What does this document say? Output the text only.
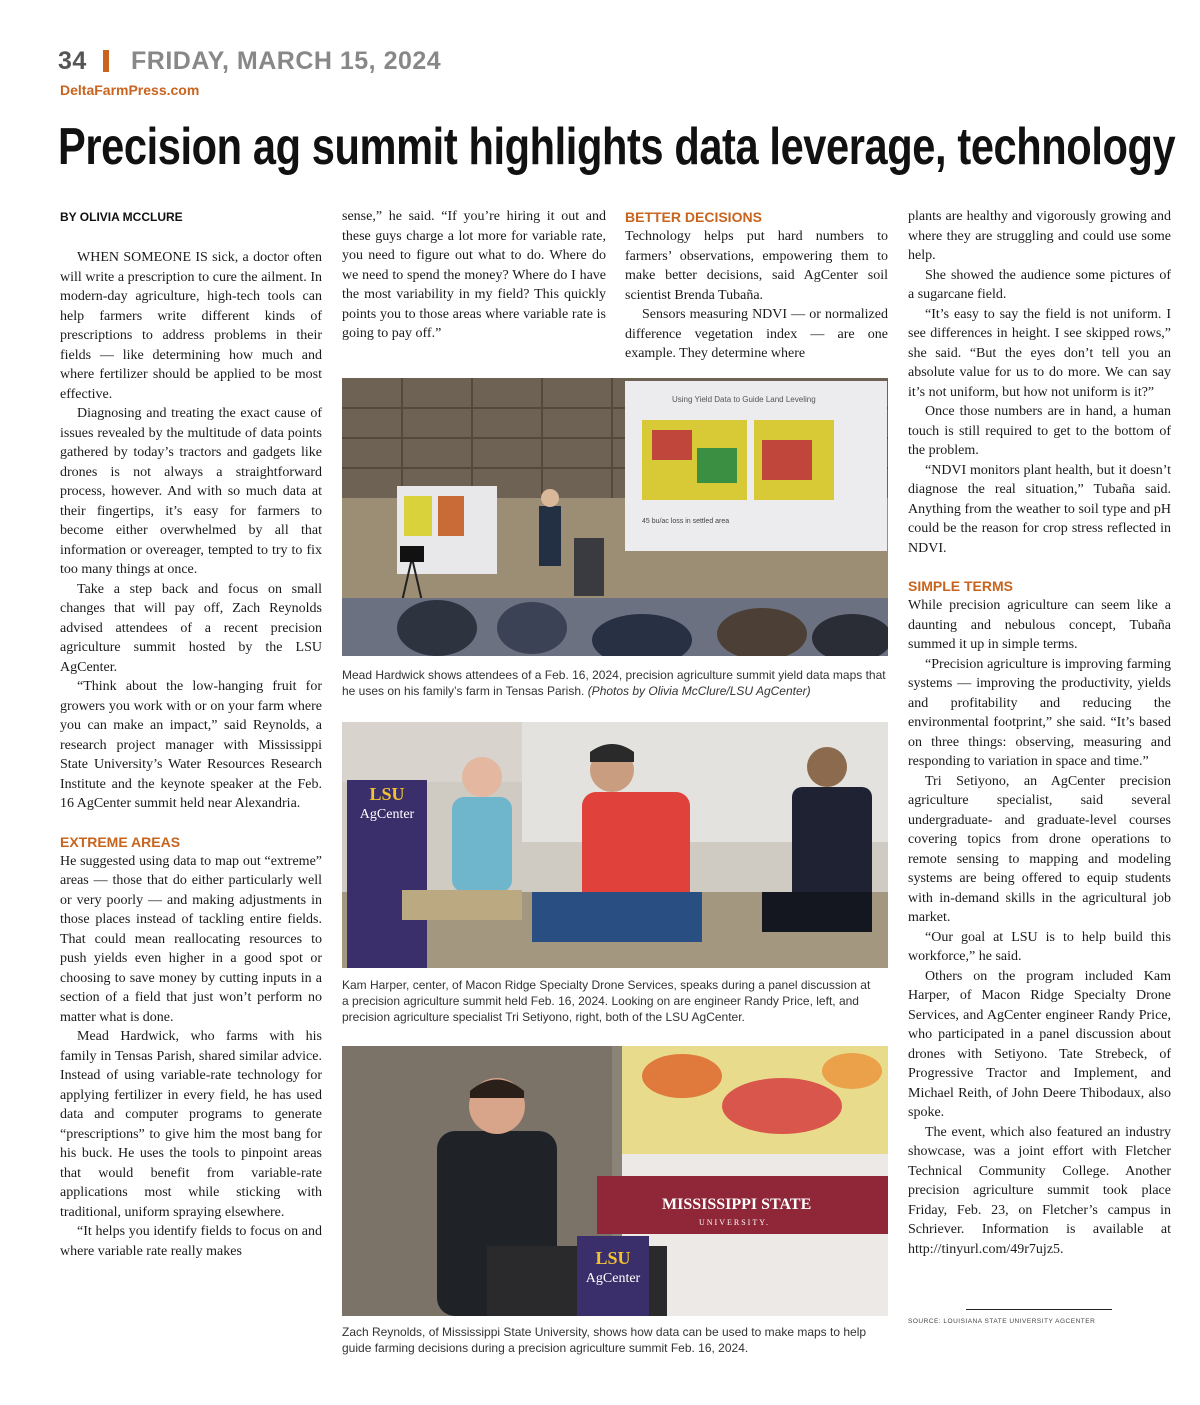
34 FRIDAY, MARCH 15, 2024
DeltaFarmPress.com
Precision ag summit highlights data leverage, technology
BY OLIVIA MCCLURE

WHEN SOMEONE IS sick, a doctor often will write a prescription to cure the ailment. In modern-day agriculture, high-tech tools can help farmers write different kinds of prescriptions to address problems in their fields — like determining how much and where fertilizer should be applied to be most effective.

Diagnosing and treating the exact cause of issues revealed by the multitude of data points gathered by today’s tractors and gadgets like drones is not always a straightforward process, however. And with so much data at their fingertips, it’s easy for farmers to become either overwhelmed by all that information or overeager, tempted to try to fix too many things at once.

Take a step back and focus on small changes that will pay off, Zach Reynolds advised attendees of a recent precision agriculture summit hosted by the LSU AgCenter.

“Think about the low-hanging fruit for growers you work with or on your farm where you can make an impact,” said Reynolds, a research project manager with Mississippi State University’s Water Resources Research Institute and the keynote speaker at the Feb. 16 AgCenter summit held near Alexandria.

EXTREME AREAS

He suggested using data to map out “extreme” areas — those that do either particularly well or very poorly — and making adjustments in those places instead of tackling entire fields. That could mean reallocating resources to push yields even higher in a good spot or choosing to save money by cutting inputs in a section of a field that just won’t perform no matter what is done.

Mead Hardwick, who farms with his family in Tensas Parish, shared similar advice. Instead of using variable-rate technology for applying fertilizer in every field, he has used data and computer programs to generate “prescriptions” to give him the most bang for his buck. He uses the tools to pinpoint areas that would benefit from variable-rate applications most while sticking with traditional, uniform spraying elsewhere.

“It helps you identify fields to focus on and where variable rate really makes

sense,” he said. “If you’re hiring it out and these guys charge a lot more for variable rate, you need to figure out what to do. Where do we need to spend the money? Where do I have the most variability in my field? This quickly points you to those areas where variable rate is going to pay off.”

BETTER DECISIONS

Technology helps put hard numbers to farmers’ observations, empowering them to make better decisions, said AgCenter soil scientist Brenda Tubaña.

Sensors measuring NDVI — or normalized difference vegetation index — are one example. They determine where

plants are healthy and vigorously growing and where they are struggling and could use some help.

She showed the audience some pictures of a sugarcane field.

“It’s easy to say the field is not uniform. I see differences in height. I see skipped rows,” she said. “But the eyes don’t tell you an absolute value for us to do more. We can say it’s not uniform, but how not uniform is it?”

Once those numbers are in hand, a human touch is still required to get to the bottom of the problem.

“NDVI monitors plant health, but it doesn’t diagnose the real situation,” Tubaña said. Anything from the weather to soil type and pH could be the reason for crop stress reflected in NDVI.

SIMPLE TERMS

While precision agriculture can seem like a daunting and nebulous concept, Tubaña summed it up in simple terms.

“Precision agriculture is improving farming systems — improving the productivity, yields and profitability and reducing the environmental footprint,” she said. “It’s based on three things: observing, measuring and responding to variation in space and time.”

Tri Setiyono, an AgCenter precision agriculture specialist, said several undergraduate- and graduate-level courses covering topics from drone operations to remote sensing to mapping and modeling systems are being offered to equip students with in-demand skills in the agricultural job market.

“Our goal at LSU is to help build this workforce,” he said.

Others on the program included Kam Harper, of Macon Ridge Specialty Drone Services, and AgCenter engineer Randy Price, who participated in a panel discussion about drones with Setiyono. Tate Strebeck, of Progressive Tractor and Implement, and Michael Reith, of John Deere Thibodaux, also spoke.

The event, which also featured an industry showcase, was a joint effort with Fletcher Technical Community College. Another precision agriculture summit took place Friday, Feb. 23, on Fletcher’s campus in Schriever. Information is available at http://tinyurl.com/49r7ujz5.

SOURCE: LOUISIANA STATE UNIVERSITY AGCENTER
Using Yield Data to Guide Land Leveling
45 bu/ac loss in settled area
Mead Hardwick shows attendees of a Feb. 16, 2024, precision agriculture summit yield data maps that he uses on his family’s farm in Tensas Parish. (Photos by Olivia McClure/LSU AgCenter)
LSU
AgCenter
Kam Harper, center, of Macon Ridge Specialty Drone Services, speaks during a panel discussion at a precision agriculture summit held Feb. 16, 2024. Looking on are engineer Randy Price, left, and precision agriculture specialist Tri Setiyono, right, both of the LSU AgCenter.
MISSISSIPPI STATE
UNIVERSITY.
LSU
AgCenter
Zach Reynolds, of Mississippi State University, shows how data can be used to make maps to help guide farming decisions during a precision agriculture summit Feb. 16, 2024.
